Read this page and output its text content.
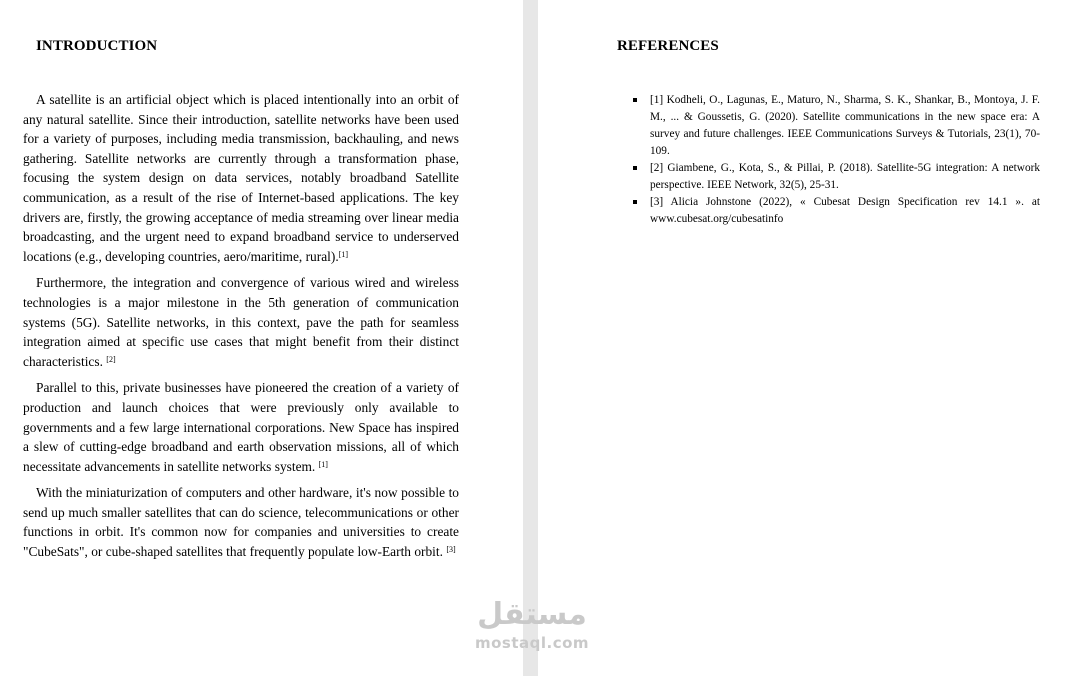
INTRODUCTION

A satellite is an artificial object which is placed intentionally into an orbit of any natural satellite. Since their introduction, satellite networks have been used for a variety of purposes, including media transmission, backhauling, and news gathering. Satellite networks are currently through a transformation phase, focusing the system design on data services, notably broadband Satellite communication, as a result of the rise of Internet-based applications. The key drivers are, firstly, the growing acceptance of media streaming over linear media broadcasting, and the urgent need to expand broadband service to underserved locations (e.g., developing countries, aero/maritime, rural).[1]

Furthermore, the integration and convergence of various wired and wireless technologies is a major milestone in the 5th generation of communication systems (5G). Satellite networks, in this context, pave the path for seamless integration aimed at specific use cases that might benefit from their distinct characteristics. [2]

Parallel to this, private businesses have pioneered the creation of a variety of production and launch choices that were previously only available to governments and a few large international corporations. New Space has inspired a slew of cutting-edge broadband and earth observation missions, all of which necessitate advancements in satellite networks system. [1]

With the miniaturization of computers and other hardware, it's now possible to send up much smaller satellites that can do science, telecommunications or other functions in orbit. It's common now for companies and universities to create "CubeSats", or cube-shaped satellites that frequently populate low-Earth orbit. [3]

REFERENCES
[1] Kodheli, O., Lagunas, E., Maturo, N., Sharma, S. K., Shankar, B., Montoya, J. F. M., ... & Goussetis, G. (2020). Satellite communications in the new space era: A survey and future challenges. IEEE Communications Surveys & Tutorials, 23(1), 70-109.
[2] Giambene, G., Kota, S., & Pillai, P. (2018). Satellite-5G integration: A network perspective. IEEE Network, 32(5), 25-31.
[3] Alicia Johnstone (2022), « Cubesat Design Specification rev 14.1 ». at www.cubesat.org/cubesatinfo
مستقل
mostaql.com
